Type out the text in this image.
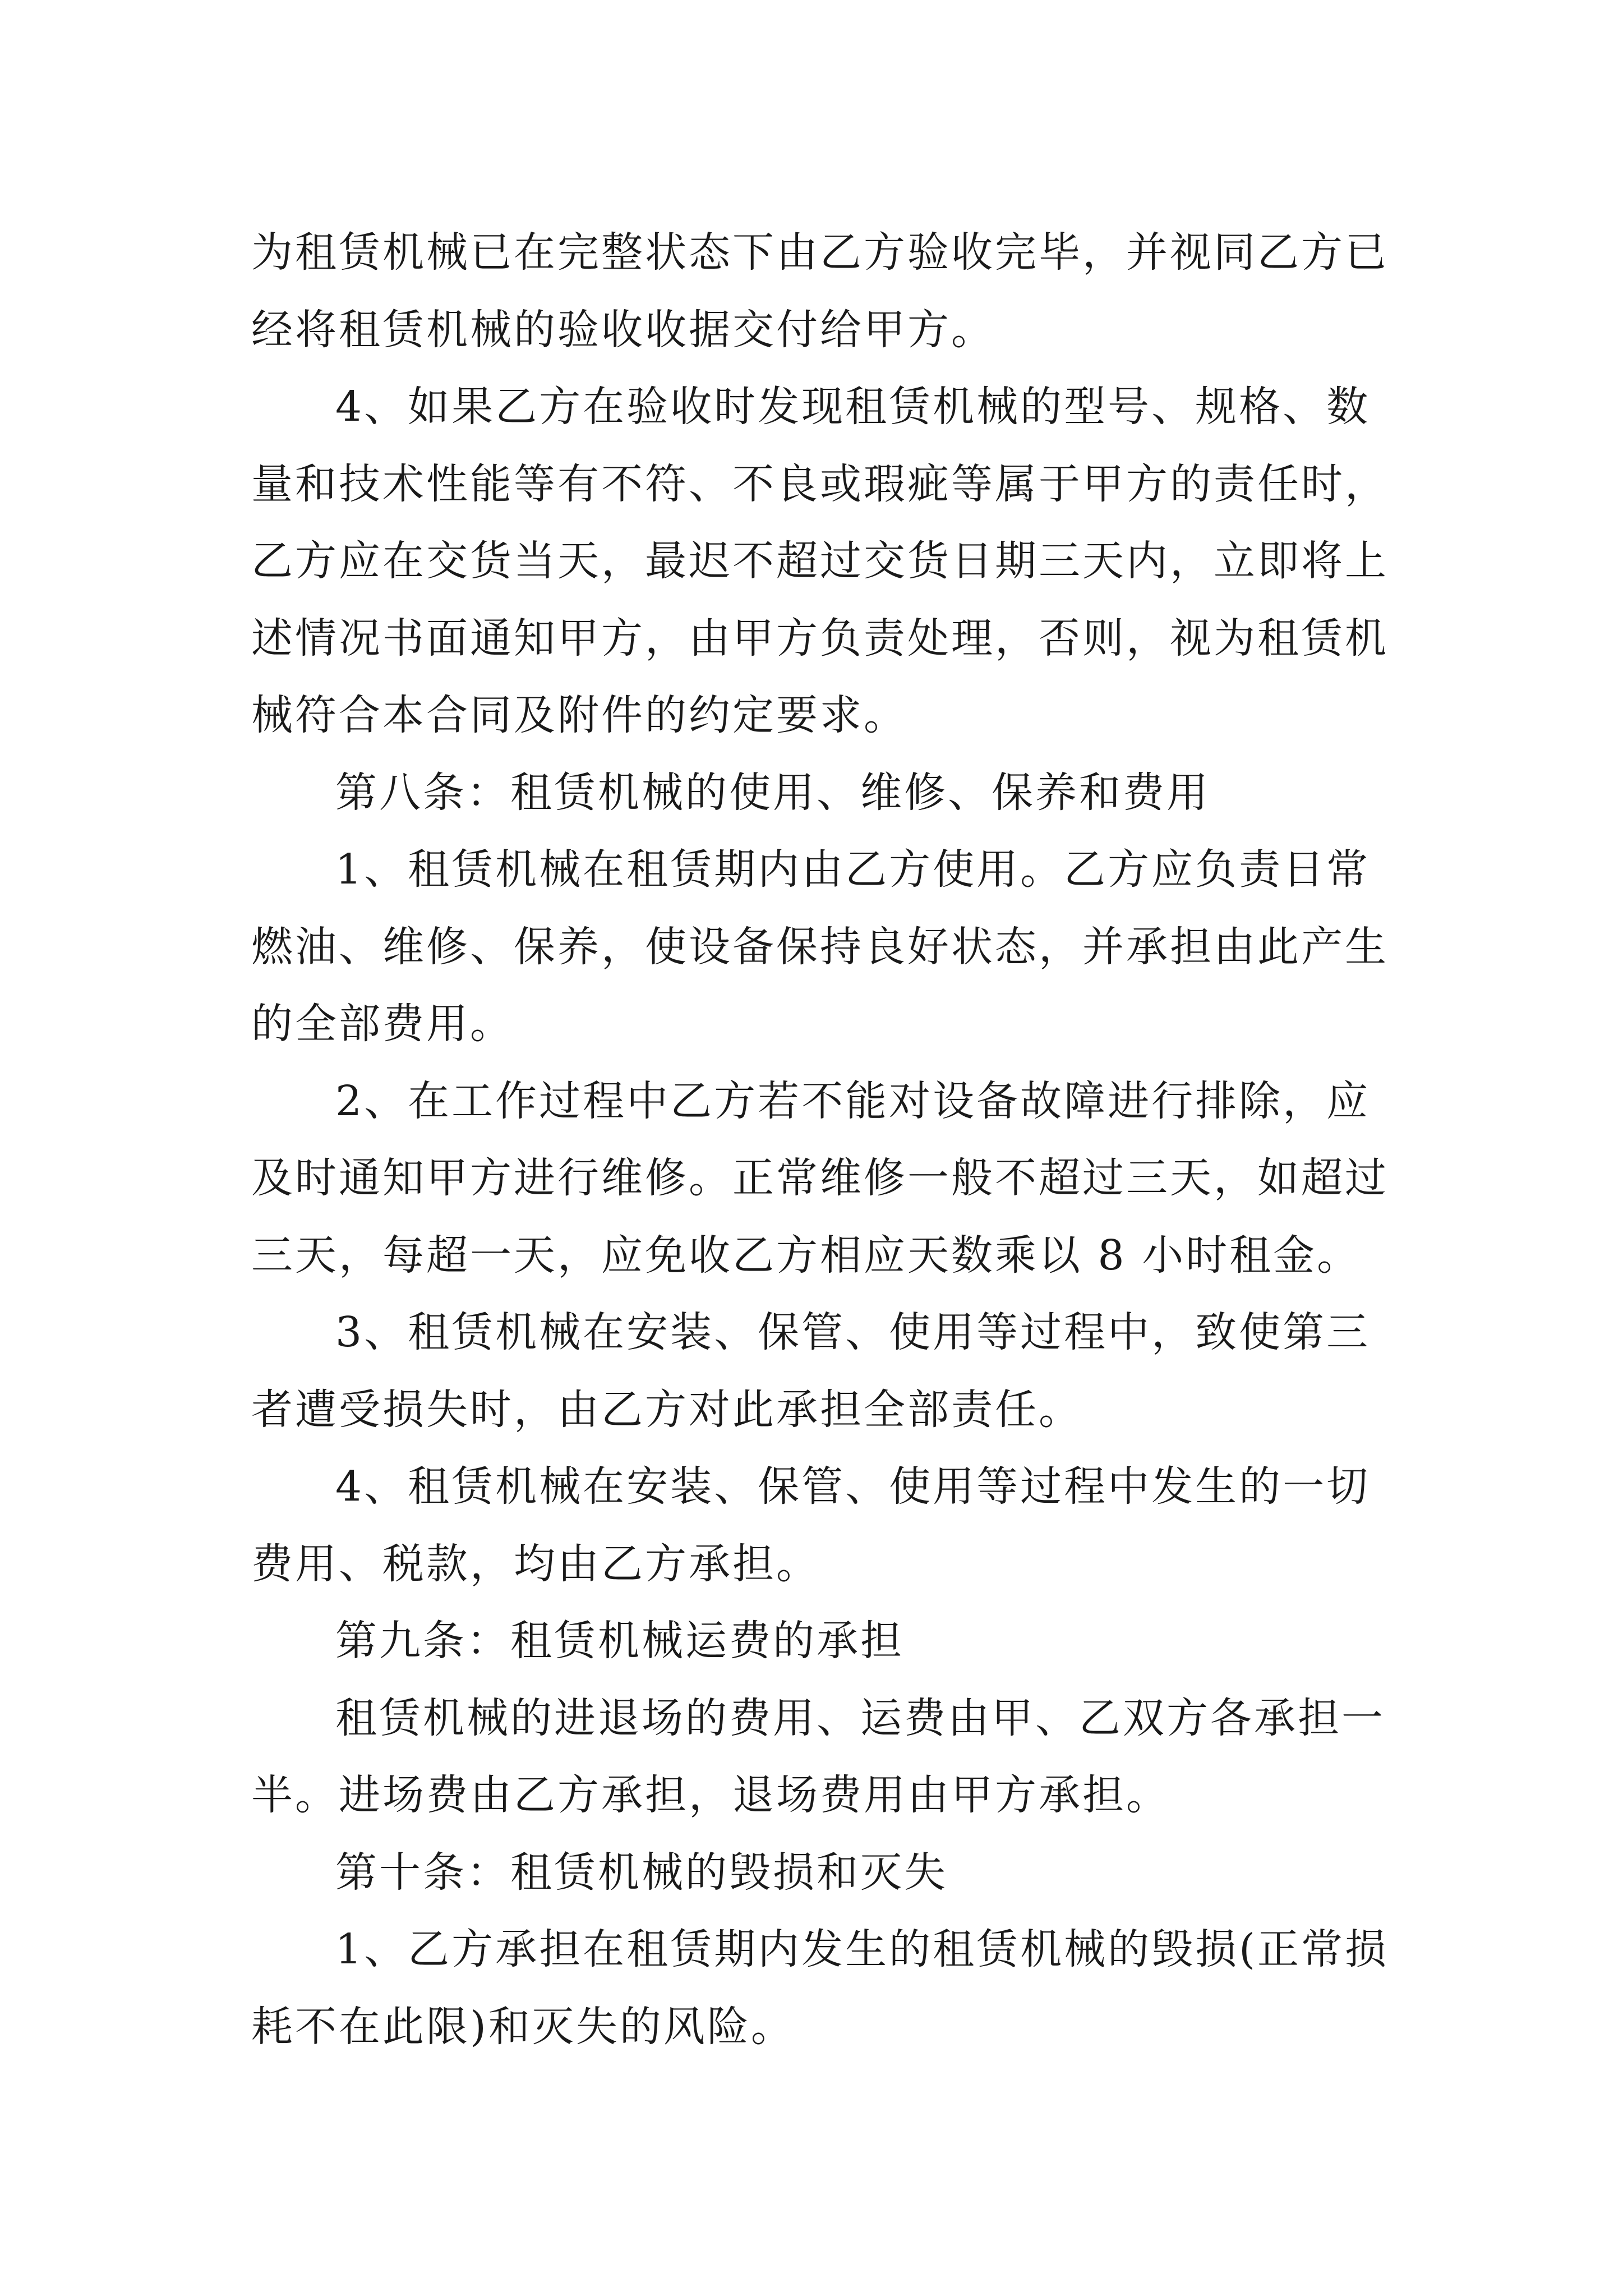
为租赁机械已在完整状态下由乙方验收完毕，并视同乙方已
经将租赁机械的验收收据交付给甲方。

4、如果乙方在验收时发现租赁机械的型号、规格、数
量和技术性能等有不符、不良或瑕疵等属于甲方的责任时，
乙方应在交货当天，最迟不超过交货日期三天内，立即将上
述情况书面通知甲方，由甲方负责处理，否则，视为租赁机
械符合本合同及附件的约定要求。

第八条：租赁机械的使用、维修、保养和费用

1、租赁机械在租赁期内由乙方使用。乙方应负责日常
燃油、维修、保养，使设备保持良好状态，并承担由此产生
的全部费用。

2、在工作过程中乙方若不能对设备故障进行排除，应
及时通知甲方进行维修。正常维修一般不超过三天，如超过
三天，每超一天，应免收乙方相应天数乘以 8 小时租金。

3、租赁机械在安装、保管、使用等过程中，致使第三
者遭受损失时，由乙方对此承担全部责任。

4、租赁机械在安装、保管、使用等过程中发生的一切
费用、税款，均由乙方承担。

第九条：租赁机械运费的承担

租赁机械的进退场的费用、运费由甲、乙双方各承担一
半。进场费由乙方承担，退场费用由甲方承担。

第十条：租赁机械的毁损和灭失

1、乙方承担在租赁期内发生的租赁机械的毁损(正常损
耗不在此限)和灭失的风险。
